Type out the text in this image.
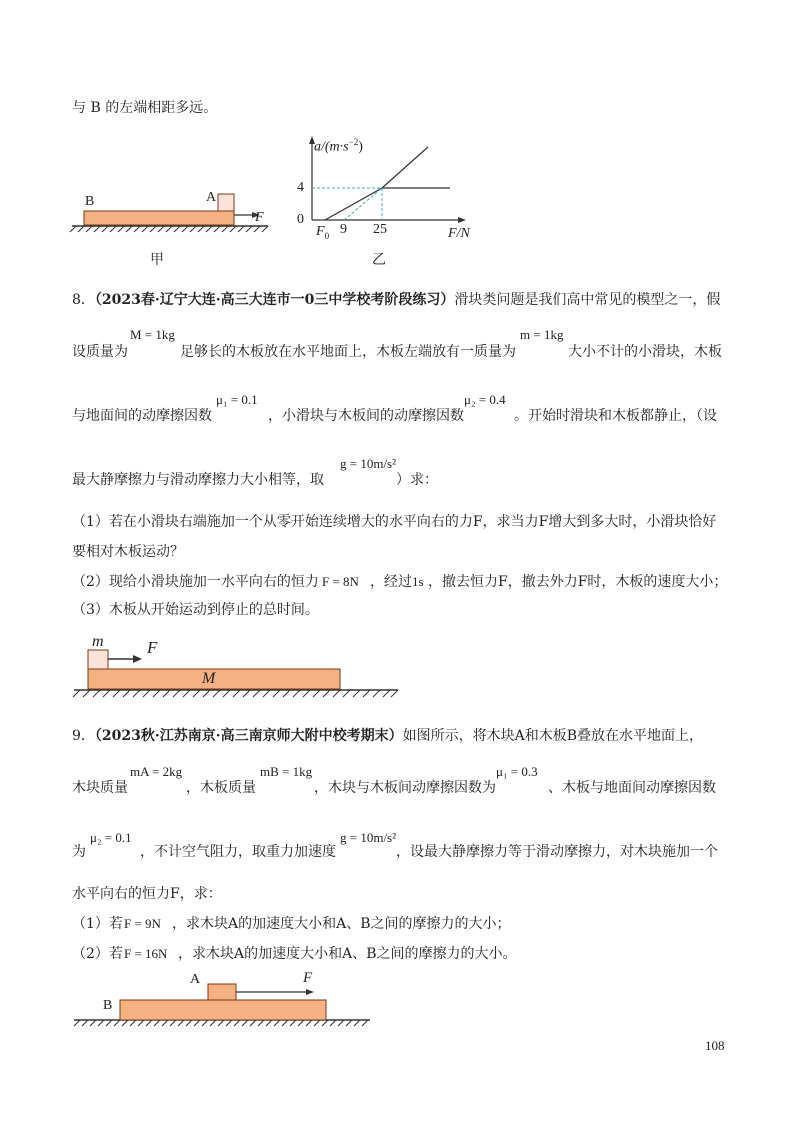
与 B 的左端相距多远。
B	A
F
甲
$a/(m\cdot s^{-2})$
4
0
$F_0$ 9 25	F/N
乙
8．（2023春·辽宁大连·高三大连市一0三中学校考阶段练习）滑块类问题是我们高中常见的模型之一，假
设质量为
M = 1kg
足够长的木板放在水平地面上，木板左端放有一质量为
m = 1kg
大小不计的小滑块，木板
与地面间的动摩擦因数
μ₁ = 0.1
，小滑块与木板间的动摩擦因数
μ₂ = 0.4
。开始时滑块和木板都静止，（设
最大静摩擦力与滑动摩擦力大小相等，取
g = 10m/s²
）求：
（1）若在小滑块右端施加一个从零开始连续增大的水平向右的力F，求当力F增大到多大时，小滑块恰好
要相对木板运动？
（2）现给小滑块施加一水平向右的恒力 F = 8N ，经过 1s ，撤去恒力F，撤去外力F时，木板的速度大小；
（3）木板从开始运动到停止的总时间。
m	F
M
9．（2023秋·江苏南京·高三南京师大附中校考期末）如图所示，将木块A和木板B叠放在水平地面上，
木块质量
mA = 2kg
，木板质量
mB = 1kg
，木块与木板间动摩擦因数为
μ₁ = 0.3
、木板与地面间动摩擦因数
为
μ₂ = 0.1
，不计空气阻力，取重力加速度
g = 10m/s²
，设最大静摩擦力等于滑动摩擦力，对木块施加一个
水平向右的恒力F，求：
（1）若 F = 9N ，求木块A的加速度大小和A、B之间的摩擦力的大小；
（2）若 F = 16N ，求木块A的加速度大小和A、B之间的摩擦力的大小。
A	F
B
108
